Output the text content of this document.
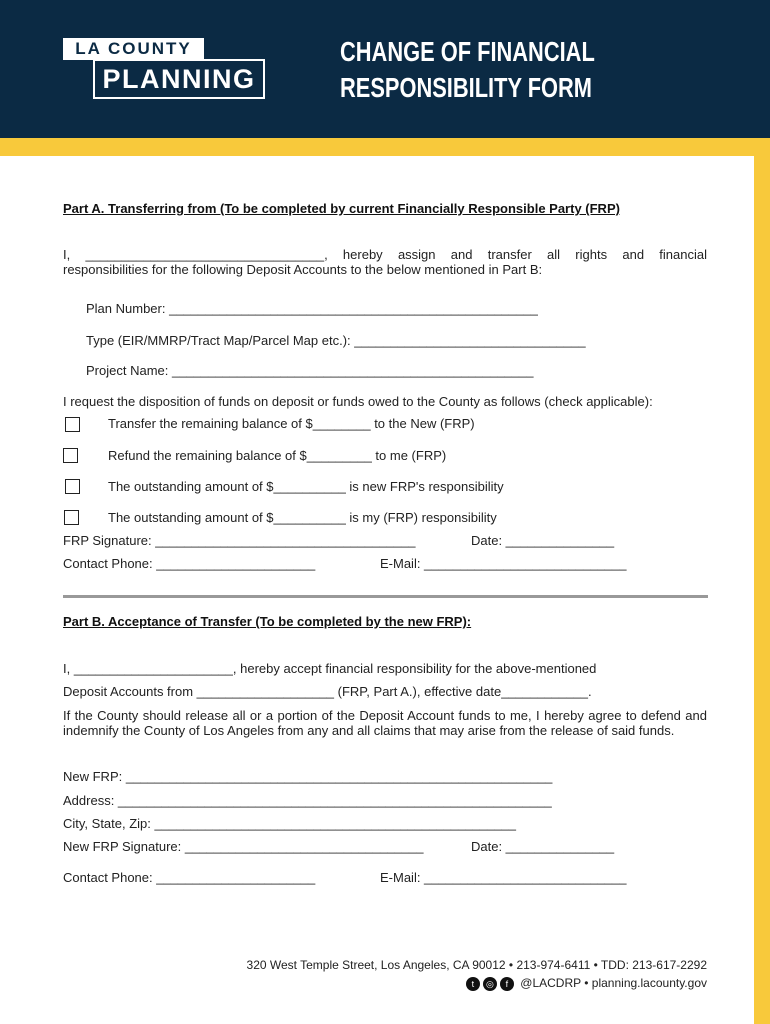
LA COUNTY
PLANNING
CHANGE OF FINANCIAL
RESPONSIBILITY FORM
Part A. Transferring from (To be completed by current Financially Responsible Party (FRP)
I, _________________________________, hereby assign and transfer all rights and financial
responsibilities for the following Deposit Accounts to the below mentioned in Part B:
Plan Number: ___________________________________________________
Type (EIR/MMRP/Tract Map/Parcel Map etc.): ________________________________
Project Name: __________________________________________________
I request the disposition of funds on deposit or funds owed to the County as follows (check applicable):
Transfer the remaining balance of $________ to the New (FRP)
Refund the remaining balance of $_________ to me (FRP)
The outstanding amount of $__________ is new FRP's responsibility
The outstanding amount of $__________ is my (FRP) responsibility
FRP Signature: ____________________________________	Date: _______________
Contact Phone: ______________________	E-Mail: ____________________________
Part B. Acceptance of Transfer (To be completed by the new FRP):
I, ______________________, hereby accept financial responsibility for the above-mentioned
Deposit Accounts from ___________________ (FRP, Part A.), effective date____________.
If the County should release all or a portion of the Deposit Account funds to me, I hereby agree to defend and indemnify the County of Los Angeles from any and all claims that may arise from the release of said funds.
New FRP: ___________________________________________________________
Address: ____________________________________________________________
City, State, Zip: __________________________________________________
New FRP Signature: _________________________________	Date: _______________
Contact Phone: ______________________	E-Mail: ____________________________
320 West Temple Street, Los Angeles, CA 90012 • 213-974-6411 • TDD: 213-617-2292
t ◎ f @LACDRP • planning.lacounty.gov
